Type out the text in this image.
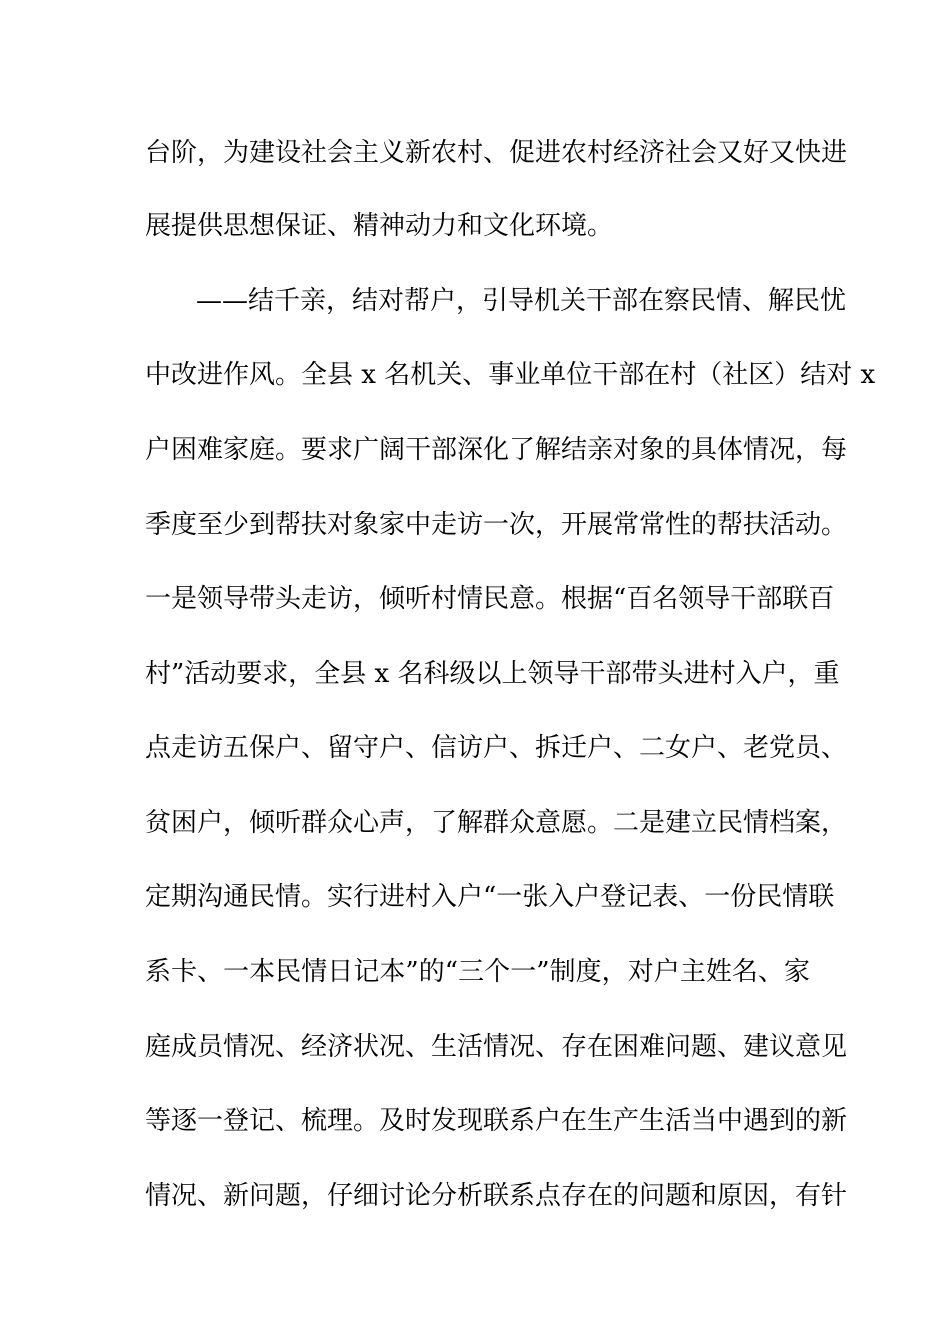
台阶，为建设社会主义新农村、促进农村经济社会又好又快进
展提供思想保证、精神动力和文化环境。
——结千亲，结对帮户，引导机关干部在察民情、解民忧
中改进作风。全县 x 名机关、事业单位干部在村（社区）结对 x
户困难家庭。要求广阔干部深化了解结亲对象的具体情况，每
季度至少到帮扶对象家中走访一次，开展常常性的帮扶活动。
一是领导带头走访，倾听村情民意。根据“百名领导干部联百
村”活动要求，全县 x 名科级以上领导干部带头进村入户，重
点走访五保户、留守户、信访户、拆迁户、二女户、老党员、
贫困户，倾听群众心声，了解群众意愿。二是建立民情档案，
定期沟通民情。实行进村入户“一张入户登记表、一份民情联
系卡、一本民情日记本”的“三个一”制度，对户主姓名、家
庭成员情况、经济状况、生活情况、存在困难问题、建议意见
等逐一登记、梳理。及时发现联系户在生产生活当中遇到的新
情况、新问题，仔细讨论分析联系点存在的问题和原因，有针
